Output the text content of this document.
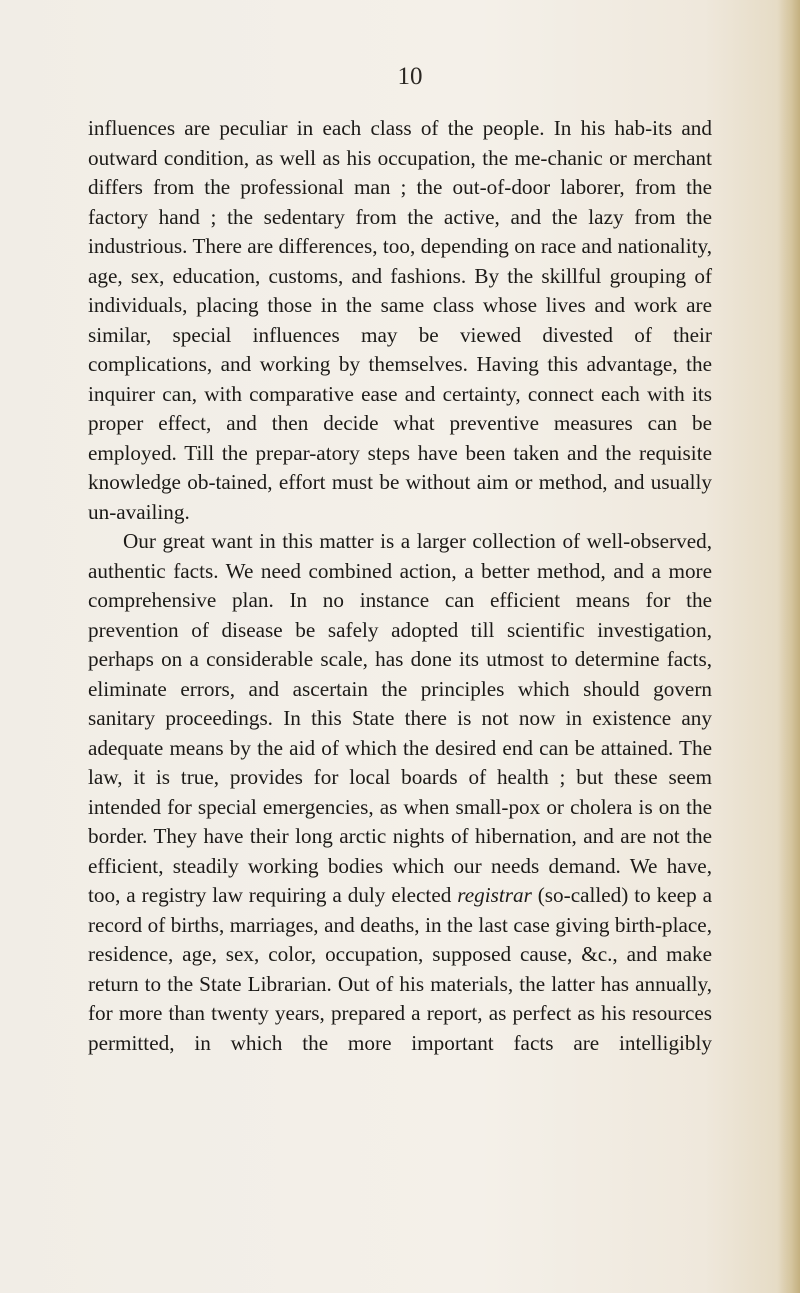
10

influences are peculiar in each class of the people. In his hab-its and outward condition, as well as his occupation, the me-chanic or merchant differs from the professional man ; the out-of-door laborer, from the factory hand ; the sedentary from the active, and the lazy from the industrious. There are differences, too, depending on race and nationality, age, sex, education, customs, and fashions. By the skillful grouping of individuals, placing those in the same class whose lives and work are similar, special influences may be viewed divested of their complications, and working by themselves. Having this advantage, the inquirer can, with comparative ease and certainty, connect each with its proper effect, and then decide what preventive measures can be employed. Till the prepar-atory steps have been taken and the requisite knowledge ob-tained, effort must be without aim or method, and usually un-availing.

Our great want in this matter is a larger collection of well-observed, authentic facts. We need combined action, a better method, and a more comprehensive plan. In no instance can efficient means for the prevention of disease be safely adopted till scientific investigation, perhaps on a considerable scale, has done its utmost to determine facts, eliminate errors, and ascertain the principles which should govern sanitary proceedings. In this State there is not now in existence any adequate means by the aid of which the desired end can be attained. The law, it is true, provides for local boards of health ; but these seem intended for special emergencies, as when small-pox or cholera is on the border. They have their long arctic nights of hibernation, and are not the efficient, steadily working bodies which our needs demand. We have, too, a registry law requiring a duly elected registrar (so-called) to keep a record of births, marriages, and deaths, in the last case giving birth-place, residence, age, sex, color, occupation, supposed cause, &c., and make return to the State Librarian. Out of his materials, the latter has annually, for more than twenty years, prepared a report, as perfect as his resources permitted, in which the more important facts are intelligibly
